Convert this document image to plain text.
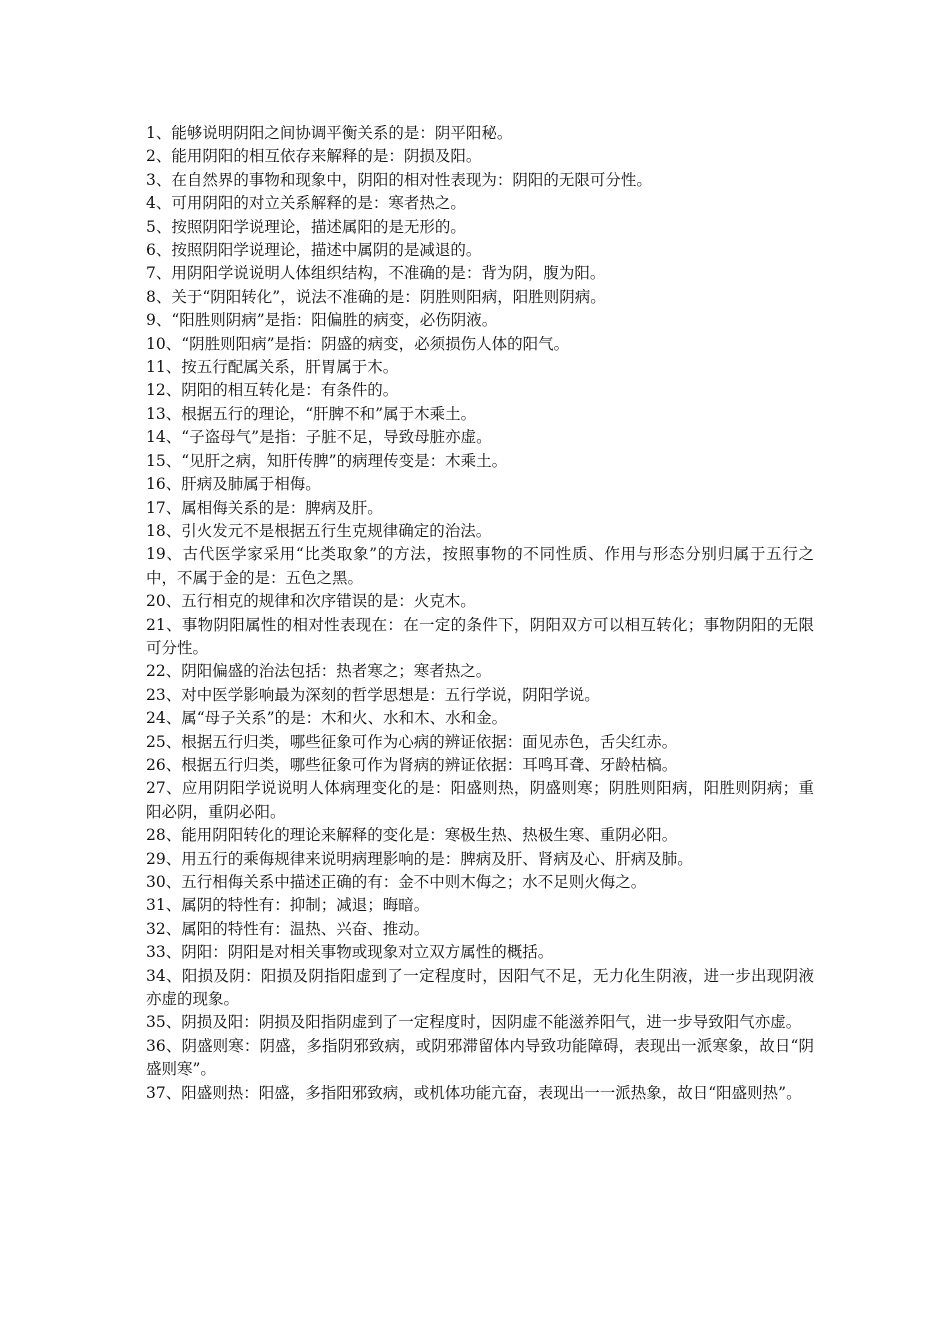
1、能够说明阴阳之间协调平衡关系的是：阴平阳秘。

2、能用阴阳的相互依存来解释的是：阴损及阳。

3、在自然界的事物和现象中，阴阳的相对性表现为：阴阳的无限可分性。

4、可用阴阳的对立关系解释的是：寒者热之。

5、按照阴阳学说理论，描述属阳的是无形的。

6、按照阴阳学说理论，描述中属阴的是减退的。

7、用阴阳学说说明人体组织结构，不准确的是：背为阴，腹为阳。

8、关于“阴阳转化”，说法不准确的是：阴胜则阳病，阳胜则阴病。

9、“阳胜则阴病”是指：阳偏胜的病变，必伤阴液。

10、“阴胜则阳病”是指：阴盛的病变，必须损伤人体的阳气。

11、按五行配属关系，肝胃属于木。

12、阴阳的相互转化是：有条件的。

13、根据五行的理论，“肝脾不和”属于木乘土。

14、“子盗母气”是指：子脏不足，导致母脏亦虚。

15、“见肝之病，知肝传脾”的病理传变是：木乘土。

16、肝病及肺属于相侮。

17、属相侮关系的是：脾病及肝。

18、引火发元不是根据五行生克规律确定的治法。

19、古代医学家采用“比类取象”的方法，按照事物的不同性质、作用与形态分别归属于五行之中，不属于金的是：五色之黑。

20、五行相克的规律和次序错误的是：火克木。

21、事物阴阳属性的相对性表现在：在一定的条件下，阴阳双方可以相互转化；事物阴阳的无限可分性。

22、阴阳偏盛的治法包括：热者寒之；寒者热之。

23、对中医学影响最为深刻的哲学思想是：五行学说，阴阳学说。

24、属“母子关系”的是：木和火、水和木、水和金。

25、根据五行归类，哪些征象可作为心病的辨证依据：面见赤色，舌尖红赤。

26、根据五行归类，哪些征象可作为肾病的辨证依据：耳鸣耳聋、牙龄枯槁。

27、应用阴阳学说说明人体病理变化的是：阳盛则热，阴盛则寒；阴胜则阳病，阳胜则阴病；重阳必阴，重阴必阳。

28、能用阴阳转化的理论来解释的变化是：寒极生热、热极生寒、重阴必阳。

29、用五行的乘侮规律来说明病理影响的是：脾病及肝、肾病及心、肝病及肺。

30、五行相侮关系中描述正确的有：金不中则木侮之；水不足则火侮之。

31、属阴的特性有：抑制；减退；晦暗。

32、属阳的特性有：温热、兴奋、推动。

33、阴阳：阴阳是对相关事物或现象对立双方属性的概括。

34、阳损及阴：阳损及阴指阳虚到了一定程度时，因阳气不足，无力化生阴液，进一步出现阴液亦虚的现象。

35、阴损及阳：阴损及阳指阴虚到了一定程度时，因阴虚不能滋养阳气，进一步导致阳气亦虚。

36、阴盛则寒：阴盛，多指阴邪致病，或阴邪滞留体内导致功能障碍，表现出一派寒象，故日“阴盛则寒”。

37、阳盛则热：阳盛，多指阳邪致病，或机体功能亢奋，表现出一一派热象，故日“阳盛则热”。
